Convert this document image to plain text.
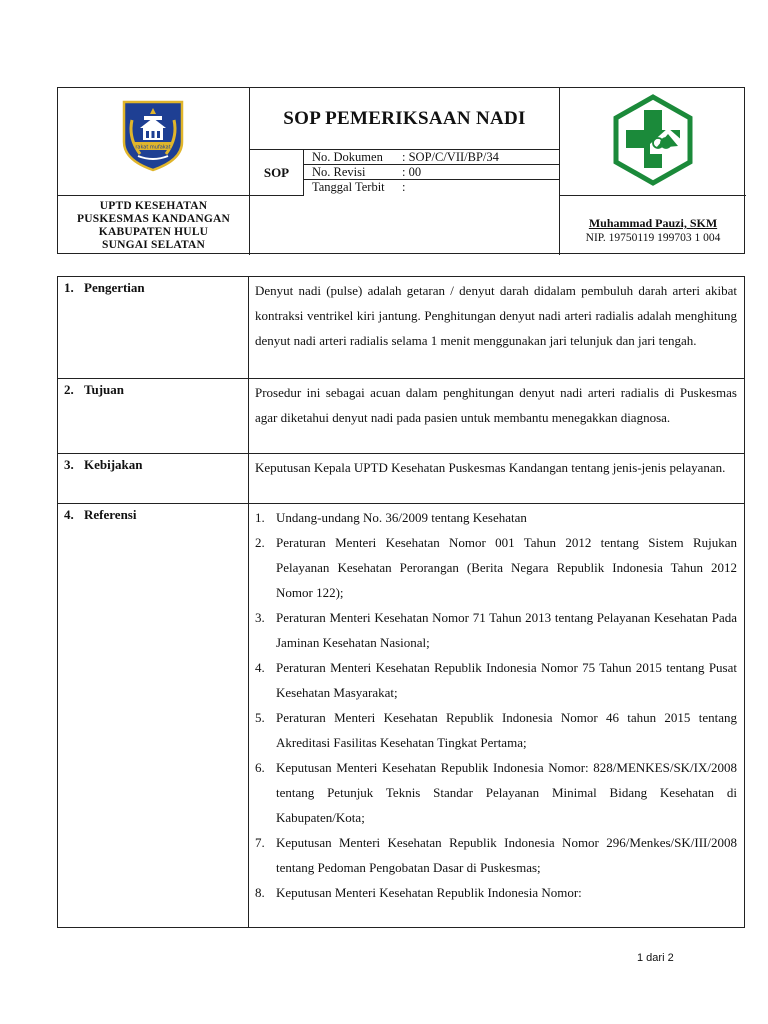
rakat mufakat
SOP PEMERIKSAAN NADI
SOP
No. Dokumen : SOP/C/VII/BP/34
No. Revisi	: 00
Tanggal Terbit :
UPTD KESEHATAN
PUSKESMAS KANDANGAN
KABUPATEN HULU
SUNGAI SELATAN
Muhammad Pauzi, SKM
NIP. 19750119 199703 1 004
1. Pengertian	Denyut nadi (pulse) adalah getaran / denyut darah didalam pembuluh darah arteri akibat kontraksi ventrikel kiri jantung. Penghitungan denyut nadi arteri radialis adalah menghitung denyut nadi arteri radialis selama 1 menit menggunakan jari telunjuk dan jari tengah.
2. Tujuan	Prosedur ini sebagai acuan dalam penghitungan denyut nadi arteri radialis di Puskesmas agar diketahui denyut nadi pada pasien untuk membantu menegakkan diagnosa.
3. Kebijakan	Keputusan Kepala UPTD Kesehatan Puskesmas Kandangan tentang jenis-jenis pelayanan.
4. Referensi	1. Undang-undang No. 36/2009 tentang Kesehatan
2. Peraturan Menteri Kesehatan Nomor 001 Tahun 2012 tentang Sistem Rujukan Pelayanan Kesehatan Perorangan (Berita Negara Republik Indonesia Tahun 2012 Nomor 122);
3. Peraturan Menteri Kesehatan Nomor 71 Tahun 2013 tentang Pelayanan Kesehatan Pada Jaminan Kesehatan Nasional;
4. Peraturan Menteri Kesehatan Republik Indonesia Nomor 75 Tahun 2015 tentang Pusat Kesehatan Masyarakat;
5. Peraturan Menteri Kesehatan Republik Indonesia Nomor 46 tahun 2015 tentang Akreditasi Fasilitas Kesehatan Tingkat Pertama;
6. Keputusan Menteri Kesehatan Republik Indonesia Nomor: 828/MENKES/SK/IX/2008 tentang Petunjuk Teknis Standar Pelayanan Minimal Bidang Kesehatan di Kabupaten/Kota;
7. Keputusan Menteri Kesehatan Republik Indonesia Nomor 296/Menkes/SK/III/2008 tentang Pedoman Pengobatan Dasar di Puskesmas;
8. Keputusan Menteri Kesehatan Republik Indonesia Nomor:
1 dari 2
